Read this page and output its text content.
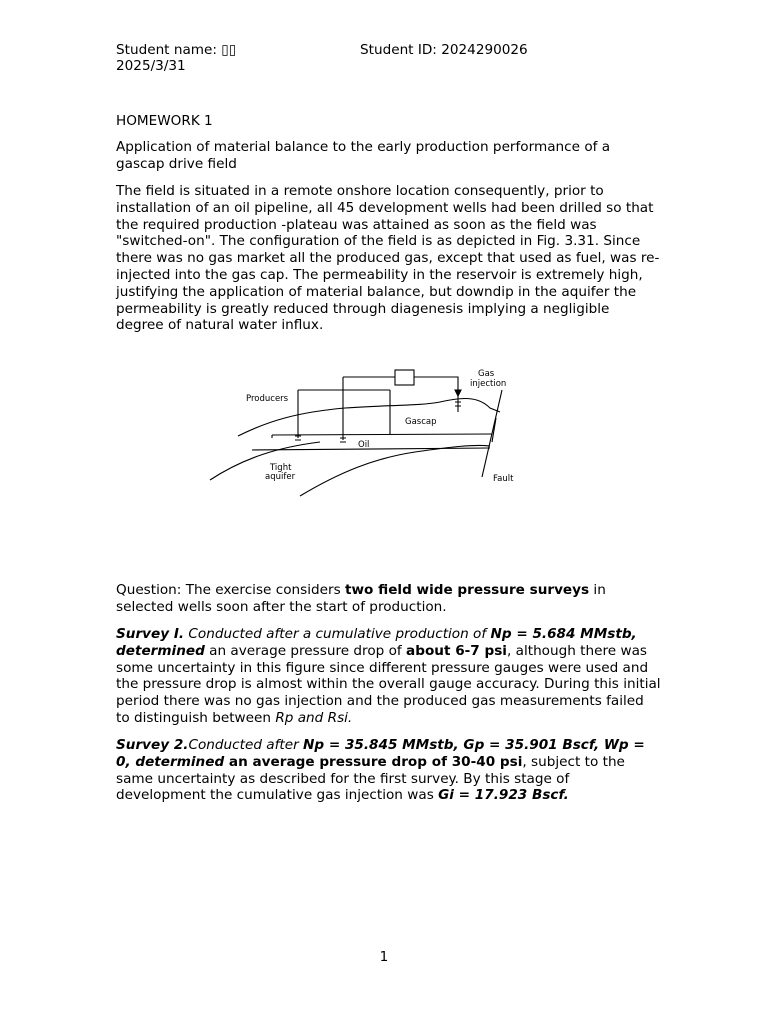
Student name: ▯▯	Student ID: 2024290026
2025/3/31
HOMEWORK 1

Application of material balance to the early production performance of a gascap drive field

The field is situated in a remote onshore location consequently, prior to installation of an oil pipeline, all 45 development wells had been drilled so that the required production -plateau was attained as soon as the field was "switched-on". The configuration of the field is as depicted in Fig. 3.31. Since there was no gas market all the produced gas, except that used as fuel, was re-injected into the gas cap. The permeability in the reservoir is extremely high, justifying the application of material balance, but downdip in the aquifer the permeability is greatly reduced through diagenesis implying a negligible degree of natural water influx.

Producers
Gas
injection
Gascap
Oil
Tight
aquifer	Fault

Question: The exercise considers two field wide pressure surveys in selected wells soon after the start of production.

Survey I. Conducted after a cumulative production of Np = 5.684 MMstb, determined an average pressure drop of about 6-7 psi, although there was some uncertainty in this figure since different pressure gauges were used and the pressure drop is almost within the overall gauge accuracy. During this initial period there was no gas injection and the produced gas measurements failed to distinguish between Rp and Rsi.

Survey 2.Conducted after Np = 35.845 MMstb, Gp = 35.901 Bscf, Wp = 0, determined an average pressure drop of 30-40 psi, subject to the same uncertainty as described for the first survey. By this stage of development the cumulative gas injection was Gi = 17.923 Bscf.

1
